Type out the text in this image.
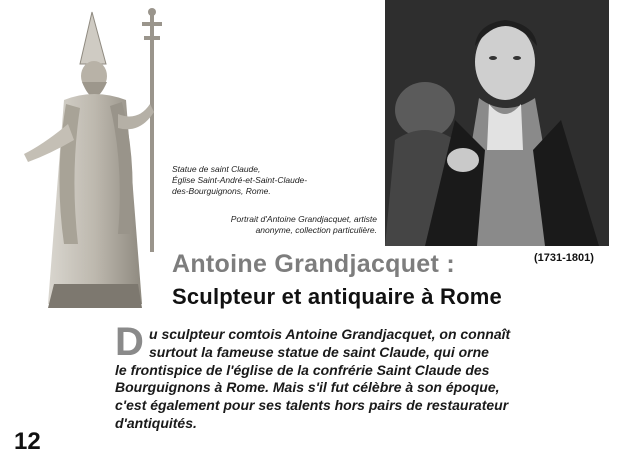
Statue de saint Claude,
Église Saint-André-et-Saint-Claude-
des-Bourguignons, Rome.
Portrait d'Antoine Grandjacquet, artiste
anonyme, collection particulière.
Antoine Grandjacquet :	(1731-1801)
Sculpteur et antiquaire à Rome
D u sculpteur comtois Antoine Grandjacquet, on connaît
surtout la fameuse statue de saint Claude, qui orne
le frontispice de l'église de la confrérie Saint Claude des
Bourguignons à Rome. Mais s'il fut célèbre à son époque,
c'est également pour ses talents hors pairs de restaurateur
d'antiquités.
12
